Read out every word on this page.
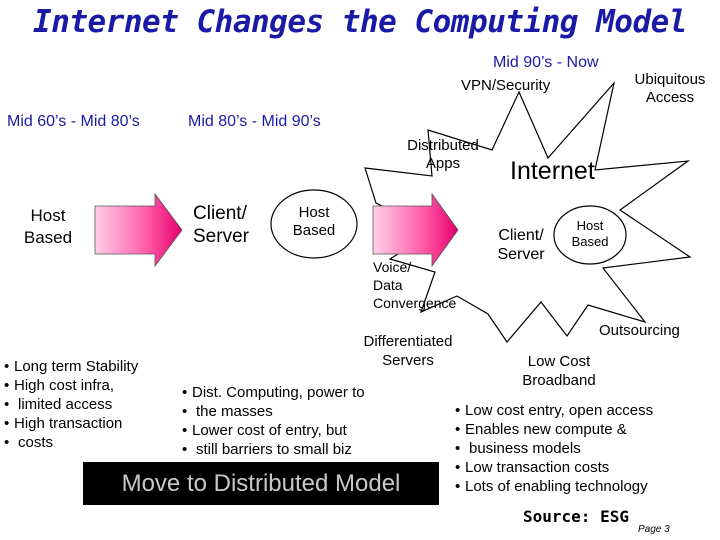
Internet Changes the Computing Model
Mid 60’s - Mid 80’s	Mid 80’s - Mid 90’s
Mid 90’s - Now
Host
Based
• Long term Stability
• High cost infra,
• limited access
• High transaction
• costs
Client/
Server
Host
Based
• Dist. Computing, power to
• the masses
• Lower cost of entry, but
• still barriers to small biz
VPN/Security	Ubiquitous
Access
Distributed
Apps	Internet
Client/
Server
Host
Based
Voice/
Data
Convergence
Differentiated
Servers
Outsourcing
Low Cost
Broadband
• Low cost entry, open access
• Enables new compute &
• business models
• Low transaction costs
• Lots of enabling technology
Move to Distributed Model
Source: ESG
Page 3
